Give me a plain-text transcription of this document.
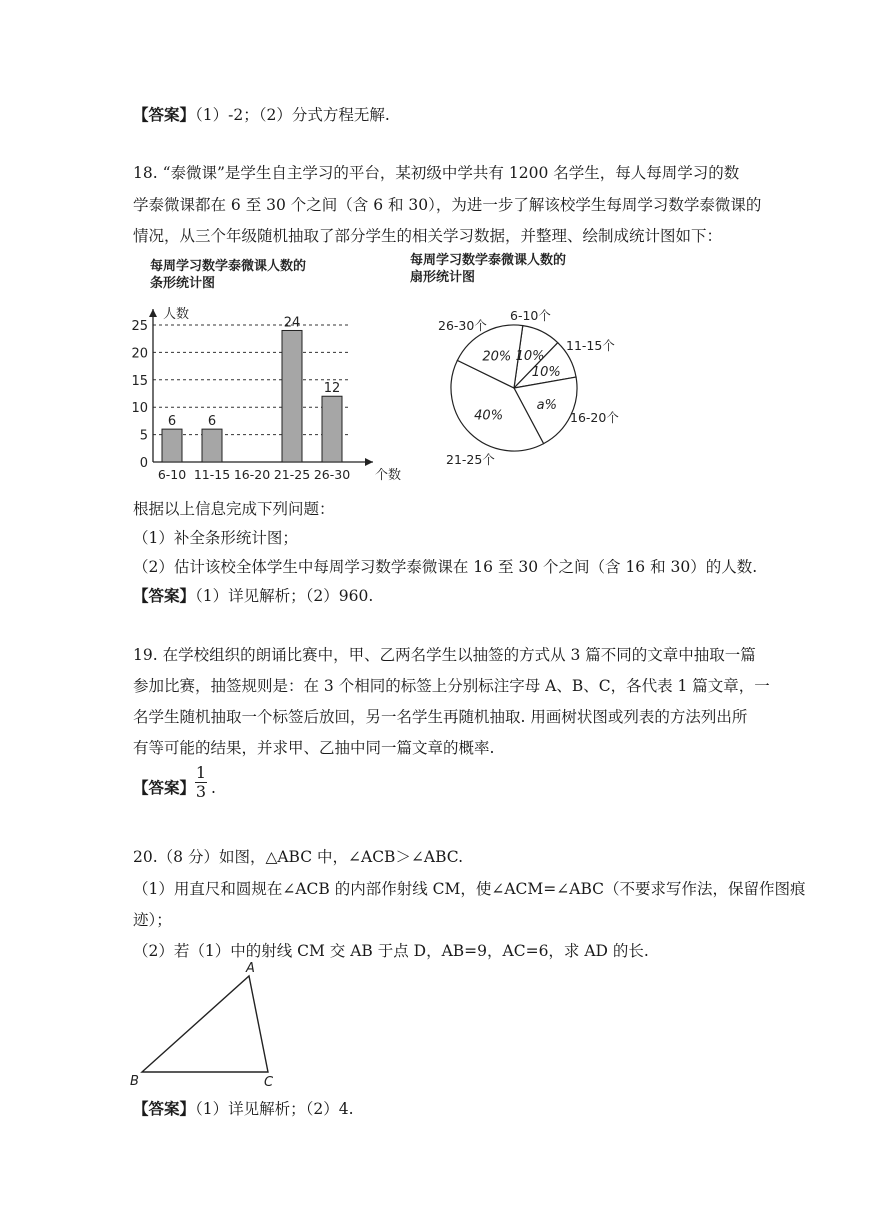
【答案】（1）-2；（2）分式方程无解.
18. “泰微课”是学生自主学习的平台，某初级中学共有 1200 名学生，每人每周学习的数
学泰微课都在 6 至 30 个之间（含 6 和 30），为进一步了解该校学生每周学习数学泰微课的
情况，从三个年级随机抽取了部分学生的相关学习数据，并整理、绘制成统计图如下：
每周学习数学泰微课人数的
条形统计图
0
5
10
15
20
25
人数
个数
6
6-10
6
11-15 16-20
24
21-25
12
26-30
每周学习数学泰微课人数的
扇形统计图
10%
6-10个
10%
11-15个
a%
16-20个
40%
21-25个
20%
26-30个
根据以上信息完成下列问题：
（1）补全条形统计图；
（2）估计该校全体学生中每周学习数学泰微课在 16 至 30 个之间（含 16 和 30）的人数.
【答案】（1）详见解析；（2）960.
19. 在学校组织的朗诵比赛中，甲、乙两名学生以抽签的方式从 3 篇不同的文章中抽取一篇
参加比赛，抽签规则是：在 3 个相同的标签上分别标注字母 A、B、C，各代表 1 篇文章，一
名学生随机抽取一个标签后放回，另一名学生再随机抽取. 用画树状图或列表的方法列出所
有等可能的结果，并求甲、乙抽中同一篇文章的概率.
【答案】
1
3 .
20.（8 分）如图，△ABC 中，∠ACB＞∠ABC.
（1）用直尺和圆规在∠ACB 的内部作射线 CM，使∠ACM=∠ABC（不要求写作法，保留作图痕
迹）；
（2）若（1）中的射线 CM 交 AB 于点 D，AB=9，AC=6，求 AD 的长.
A
B	C
【答案】（1）详见解析；（2）4.
